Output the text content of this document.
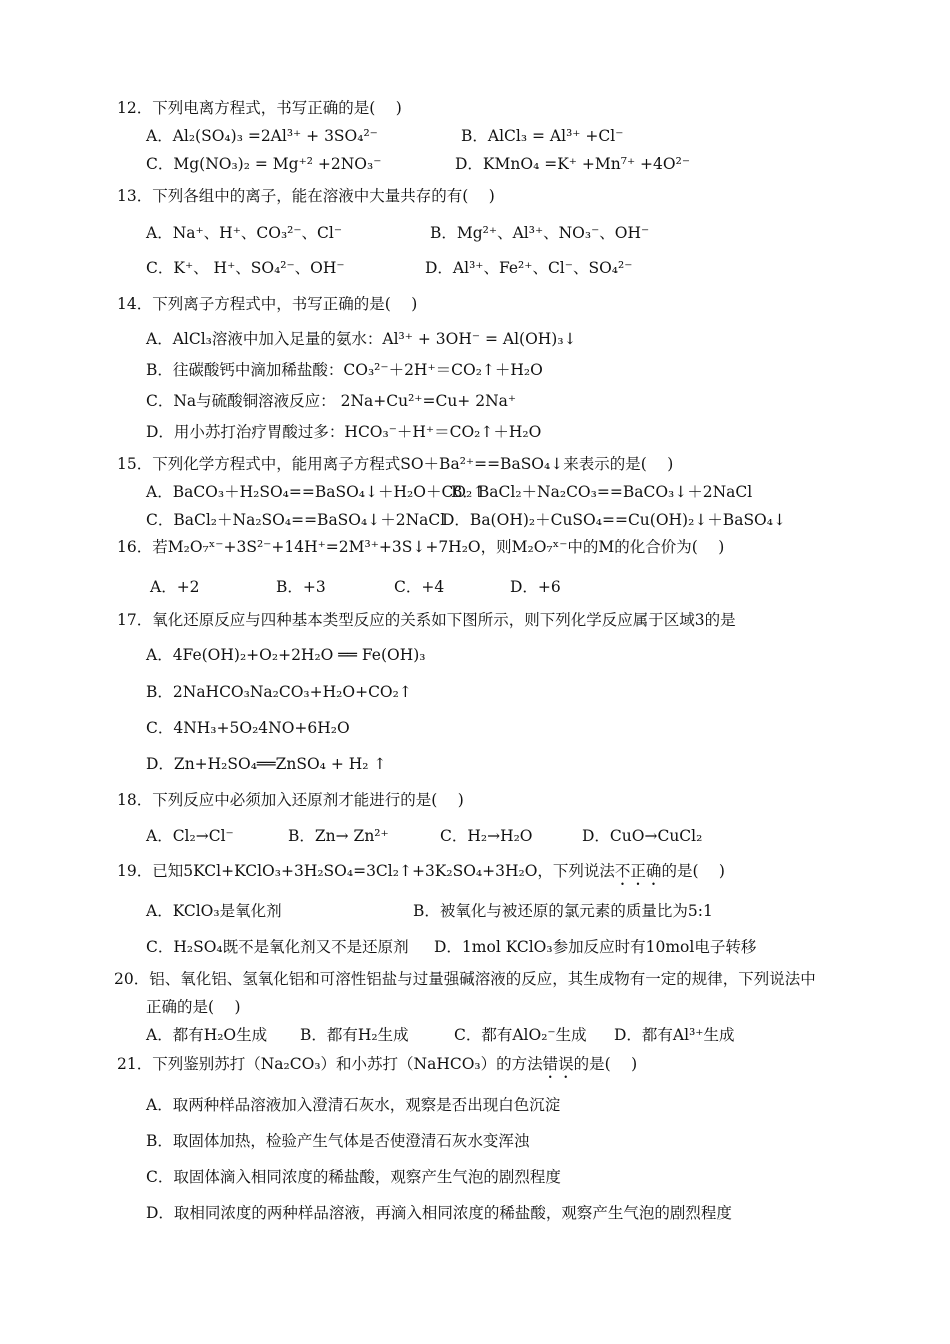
12．下列电离方程式，书写正确的是(　 )
A．Al₂(SO₄)₃ =2Al³⁺ + 3SO₄²⁻	B．AlCl₃ = Al³⁺ +Cl⁻
C．Mg(NO₃)₂ = Mg⁺² +2NO₃⁻	D．KMnO₄ =K⁺ +Mn⁷⁺ +4O²⁻
13．下列各组中的离子，能在溶液中大量共存的有(　 )
A．Na⁺、H⁺、CO₃²⁻、Cl⁻	B．Mg²⁺、Al³⁺、NO₃⁻、OH⁻
C．K⁺、 H⁺、SO₄²⁻、OH⁻	D．Al³⁺、Fe²⁺、Cl⁻、SO₄²⁻
14．下列离子方程式中，书写正确的是(　 )
A．AlCl₃溶液中加入足量的氨水：Al³⁺ + 3OH⁻ = Al(OH)₃↓
B．往碳酸钙中滴加稀盐酸：CO₃²⁻＋2H⁺＝CO₂↑＋H₂O
C．Na与硫酸铜溶液反应： 2Na+Cu²⁺=Cu+ 2Na⁺
D．用小苏打治疗胃酸过多：HCO₃⁻＋H⁺＝CO₂↑＋H₂O
15．下列化学方程式中，能用离子方程式SO＋Ba²⁺==BaSO₄↓来表示的是(　 )
A．BaCO₃＋H₂SO₄==BaSO₄↓＋H₂O＋CO₂↑
B．BaCl₂＋Na₂CO₃==BaCO₃↓＋2NaCl
C．BaCl₂＋Na₂SO₄==BaSO₄↓＋2NaCl
D．Ba(OH)₂＋CuSO₄==Cu(OH)₂↓＋BaSO₄↓
16．若M₂O₇ˣ⁻+3S²⁻+14H⁺=2M³⁺+3S↓+7H₂O，则M₂O₇ˣ⁻中的M的化合价为(　 )
A．+2	B．+3	C．+4	D．+6
17．氧化还原反应与四种基本类型反应的关系如下图所示，则下列化学反应属于区域3的是
A．4Fe(OH)₂+O₂+2H₂O ══ Fe(OH)₃
B．2NaHCO₃Na₂CO₃+H₂O+CO₂↑
C．4NH₃+5O₂4NO+6H₂O
D．Zn+H₂SO₄══ZnSO₄ + H₂ ↑
18．下列反应中必须加入还原剂才能进行的是(　 )
A．Cl₂→Cl⁻	B．Zn→ Zn²⁺	C．H₂→H₂O	D．CuO→CuCl₂
19．已知5KCl+KClO₃+3H₂SO₄=3Cl₂↑+3K₂SO₄+3H₂O，下列说法不正确的是(　 )
A．KClO₃是氧化剂	B．被氧化与被还原的氯元素的质量比为5:1
C．H₂SO₄既不是氧化剂又不是还原剂 D．1mol KClO₃参加反应时有10mol电子转移
20．铝、氧化铝、氢氧化铝和可溶性铝盐与过量强碱溶液的反应，其生成物有一定的规律，下列说法中
正确的是(　 )
A．都有H₂O生成 B．都有H₂生成	C．都有AlO₂⁻生成 D．都有Al³⁺生成
21．下列鉴别苏打（Na₂CO₃）和小苏打（NaHCO₃）的方法错误的是(　 )
A．取两种样品溶液加入澄清石灰水，观察是否出现白色沉淀
B．取固体加热，检验产生气体是否使澄清石灰水变浑浊
C．取固体滴入相同浓度的稀盐酸，观察产生气泡的剧烈程度
D．取相同浓度的两种样品溶液，再滴入相同浓度的稀盐酸，观察产生气泡的剧烈程度
